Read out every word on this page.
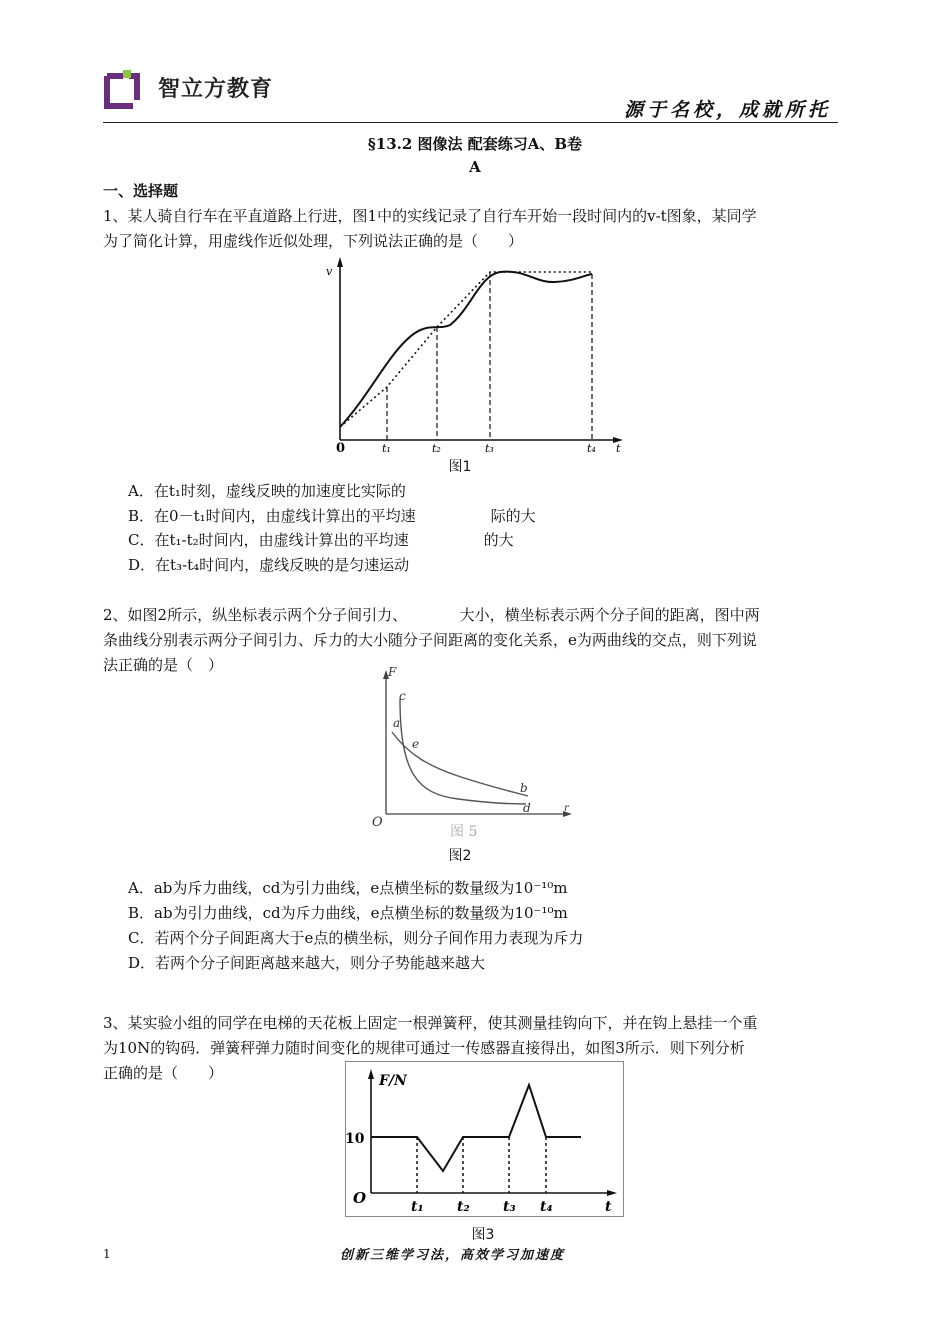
智立方教育
源于名校，成就所托
§13.2 图像法 配套练习A、B卷
A
一、选择题
1、某人骑自行车在平直道路上行进，图1中的实线记录了自行车开始一段时间内的v-t图象，某同学
为了简化计算，用虚线作近似处理，下列说法正确的是（　　）
v
0	t
t₁	t₂	t₃	t₄
图1
A．在t₁时刻，虚线反映的加速度比实际的
B．在0－t₁时间内，由虚线计算出的平均速　　　　　际的大
C．在t₁-t₂时间内，由虚线计算出的平均速　　　　　的大
D．在t₃-t₄时间内，虚线反映的是匀速运动
2、如图2所示，纵坐标表示两个分子间引力、　　　　大小，横坐标表示两个分子间的距离，图中两
条曲线分别表示两分子间引力、斥力的大小随分子间距离的变化关系，e为两曲线的交点，则下列说
法正确的是（　）	F
r
O
c
a
e
b
d
图 5
图2
A．ab为斥力曲线，cd为引力曲线，e点横坐标的数量级为10⁻¹⁰m
B．ab为引力曲线，cd为斥力曲线，e点横坐标的数量级为10⁻¹⁰m
C．若两个分子间距离大于e点的横坐标，则分子间作用力表现为斥力
D．若两个分子间距离越来越大，则分子势能越来越大
3、某实验小组的同学在电梯的天花板上固定一根弹簧秤，使其测量挂钩向下，并在钩上悬挂一个重
为10N的钩码．弹簧秤弹力随时间变化的规律可通过一传感器直接得出，如图3所示．则下列分析
正确的是（　　）	F/N
10
O	t
t₁ t₂ t₃ t₄
图3
1	创新三维学习法，高效学习加速度
